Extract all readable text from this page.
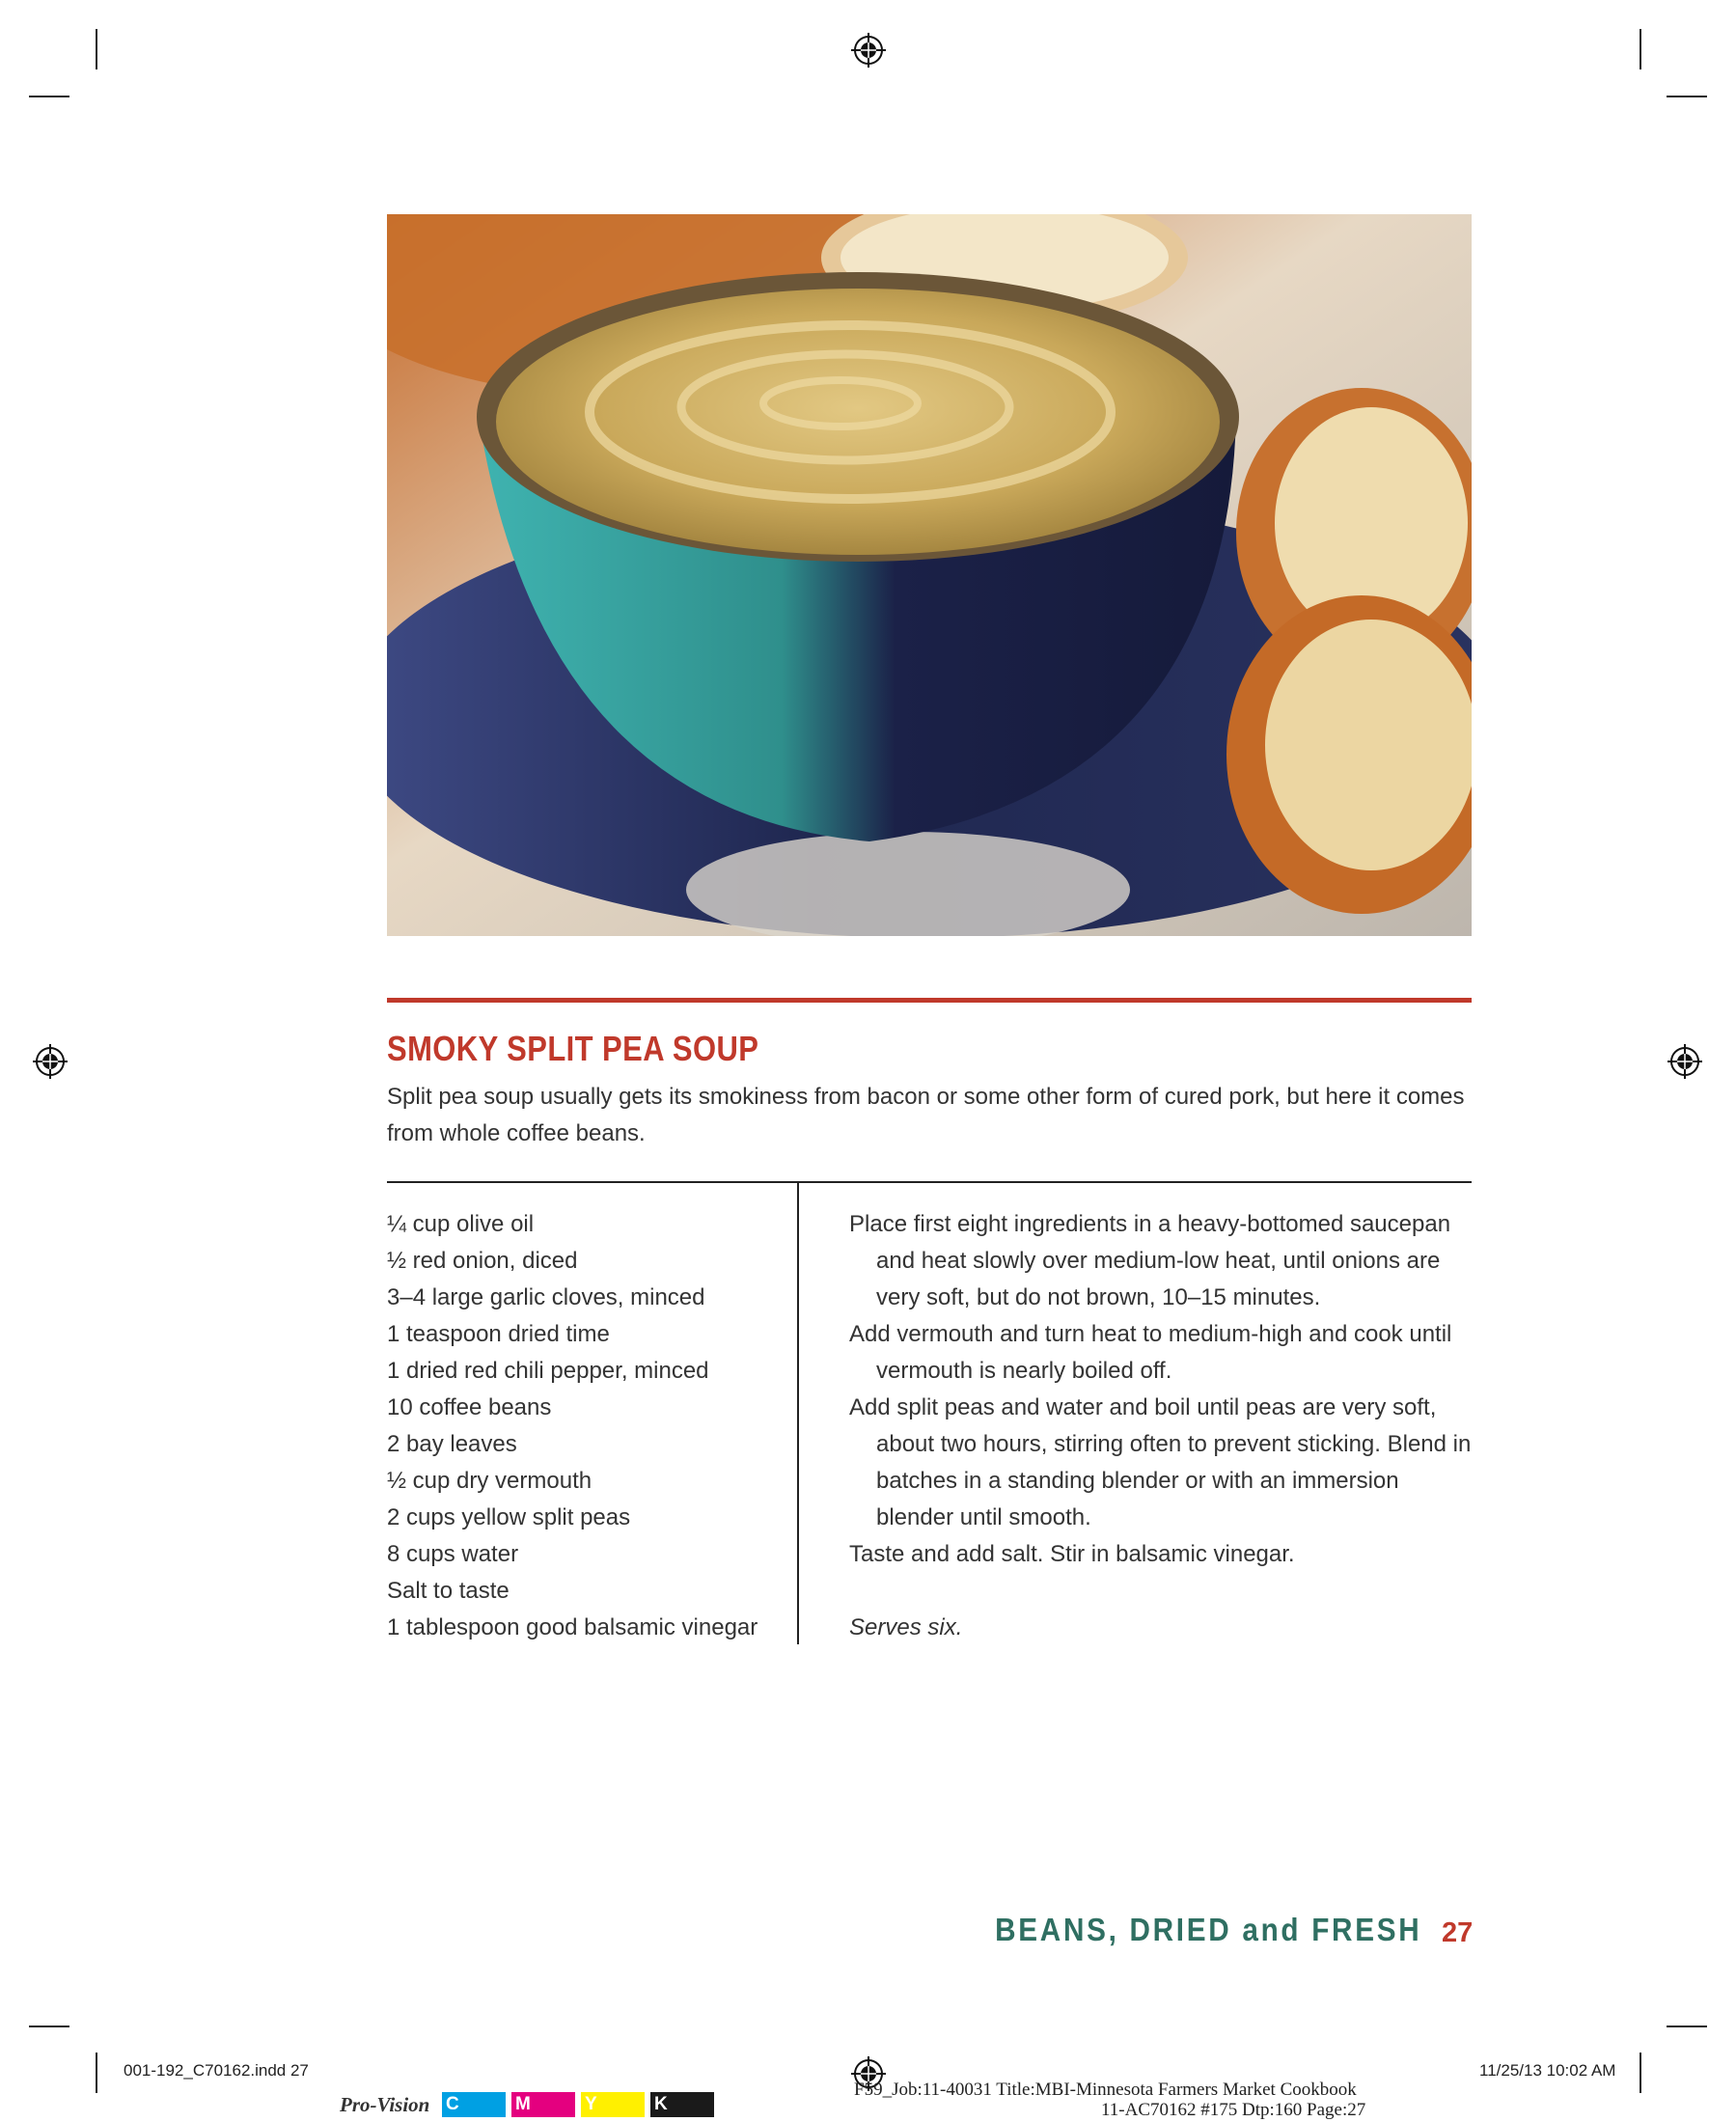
SMOKY SPLIT PEA SOUP
Split pea soup usually gets its smokiness from bacon or some other form of cured pork, but here it comes from whole coffee beans.
¼ cup olive oil
½ red onion, diced
3–4 large garlic cloves, minced
1 teaspoon dried time
1 dried red chili pepper, minced
10 coffee beans
2 bay leaves
½ cup dry vermouth
2 cups yellow split peas
8 cups water
Salt to taste
1 tablespoon good balsamic vinegar
Place first eight ingredients in a heavy-bottomed saucepan and heat slowly over medium-low heat, until onions are very soft, but do not brown, 10–15 minutes.
Add vermouth and turn heat to medium-high and cook until vermouth is nearly boiled off.
Add split peas and water and boil until peas are very soft, about two hours, stirring often to prevent sticking. Blend in batches in a standing blender or with an immersion blender until smooth.
Taste and add salt. Stir in balsamic vinegar.
Serves six.
BEANS, DRIED and FRESH 27
001-192_C70162.indd 27
F59_Job:11-40031 Title:MBI-Minnesota Farmers Market Cookbook
11-AC70162 #175 Dtp:160 Page:27
11/25/13 10:02 AM
Pro-Vision C	M	Y	K
